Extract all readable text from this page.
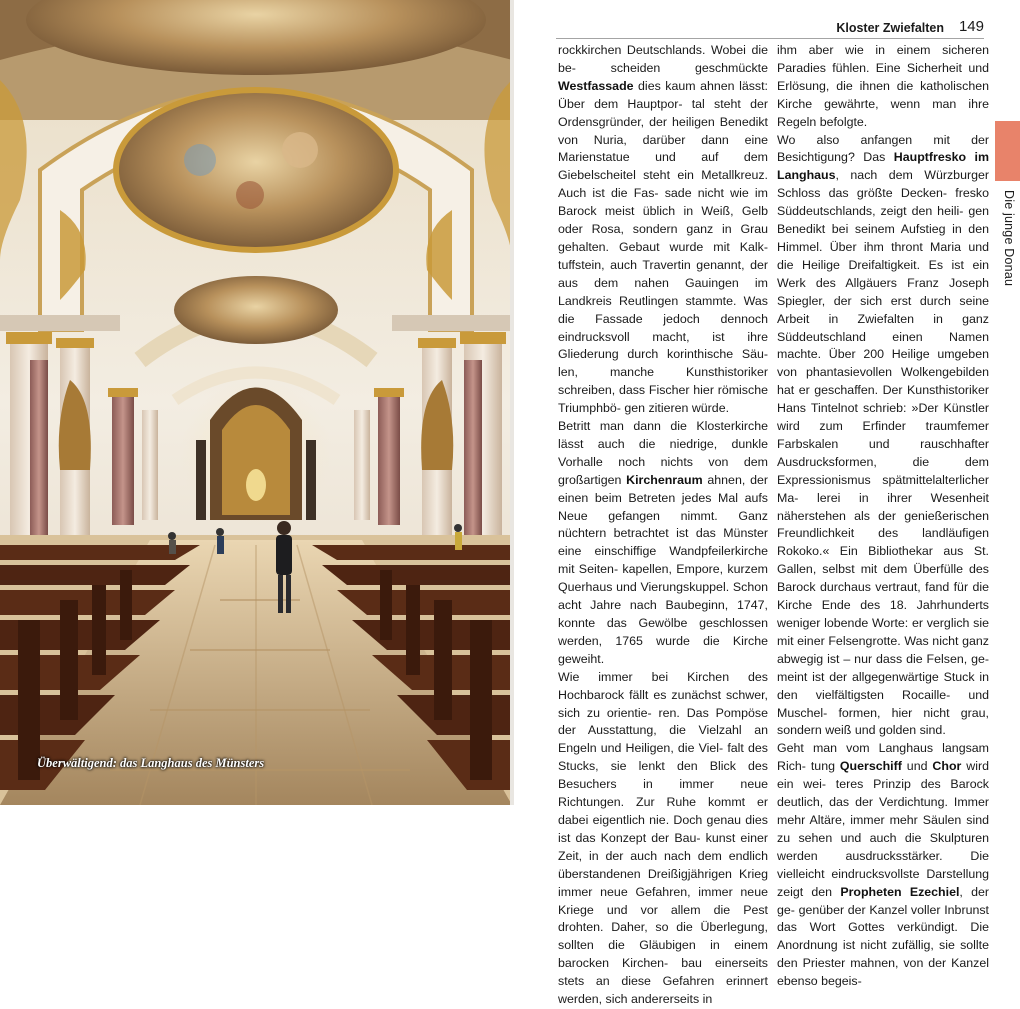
Überwältigend: das Langhaus des Münsters
Kloster Zwiefalten 149

rockkirchen Deutschlands. Wobei die be-	scheiden geschmückte Westfassade dies kaum ahnen lässt: Über dem Hauptpor- tal steht der Ordensgründer, der heiligen Benedikt von Nuria, darüber dann eine Marienstatue und auf dem Giebelscheitel steht ein Metallkreuz. Auch ist die Fas- sade nicht wie im Barock meist üblich in Weiß, Gelb oder Rosa, sondern ganz in Grau gehalten. Gebaut wurde mit Kalk- tuffstein, auch Travertin genannt, der aus dem nahen Gauingen im Landkreis Reutlingen stammte. Was die Fassade jedoch dennoch eindrucksvoll macht, ist ihre Gliederung durch korinthische Säu- len, manche Kunsthistoriker schreiben, dass Fischer hier römische Triumphbö- gen zitieren würde.

Betritt man dann die Klosterkirche lässt auch die niedrige, dunkle Vorhalle noch nichts von dem großartigen Kirchenraum ahnen, der einen beim Betreten jedes Mal aufs Neue gefangen nimmt. Ganz nüchtern betrachtet ist das Münster eine einschiffige Wandpfeilerkirche mit Seiten- kapellen, Empore, kurzem Querhaus und Vierungskuppel. Schon acht Jahre nach Baubeginn, 1747, konnte das Gewölbe geschlossen werden, 1765 wurde die Kirche geweiht.

Wie immer bei Kirchen des Hochbarock fällt es zunächst schwer, sich zu orientie- ren. Das Pompöse der Ausstattung, die Vielzahl an Engeln und Heiligen, die Viel- falt des Stucks, sie lenkt den Blick des Besuchers in immer neue Richtungen. Zur Ruhe kommt er dabei eigentlich nie. Doch genau dies ist das Konzept der Bau- kunst einer Zeit, in der auch nach dem endlich überstandenen Dreißigjährigen Krieg immer neue Gefahren, immer neue Kriege und vor allem die Pest drohten. Daher, so die Überlegung, sollten die Gläubigen in einem barocken Kirchen- bau einerseits stets an diese Gefahren erinnert werden, sich andererseits in

ihm aber wie in einem sicheren Paradies fühlen. Eine Sicherheit und Erlösung, die ihnen die katholischen Kirche gewährte, wenn man ihre Regeln befolgte.

Wo also anfangen mit der Besichtigung? Das Hauptfresko im Langhaus, nach dem Würzburger Schloss das größte Decken- fresko Süddeutschlands, zeigt den heili- gen Benedikt bei seinem Aufstieg in den Himmel. Über ihm thront Maria und die Heilige Dreifaltigkeit. Es ist ein Werk des Allgäuers Franz Joseph Spiegler, der sich erst durch seine Arbeit in Zwiefalten in ganz Süddeutschland einen Namen machte. Über 200 Heilige umgeben von phantasievollen Wolkengebilden hat er geschaffen. Der Kunsthistoriker Hans Tintelnot schrieb: »Der Künstler wird zum Erfinder traumfemer Farbskalen und rauschhafter Ausdrucksformen, die dem Expressionismus spätmittelalterlicher Ma- lerei in ihrer Wesenheit näherstehen als der genießerischen Freundlichkeit des landläufigen Rokoko.« Ein Bibliothekar aus St. Gallen, selbst mit dem Überfülle des Barock durchaus vertraut, fand für die Kirche Ende des 18. Jahrhunderts weniger lobende Worte: er verglich sie mit einer Felsengrotte. Was nicht ganz abwegig ist – nur dass die Felsen, ge- meint ist der allgegenwärtige Stuck in den vielfältigsten Rocaille- und Muschel- formen, hier nicht grau, sondern weiß und golden sind.

Geht man vom Langhaus langsam Rich- tung Querschiff und Chor wird ein wei- teres Prinzip des Barock deutlich, das der Verdichtung. Immer mehr Altäre, immer mehr Säulen sind zu sehen und auch die Skulpturen werden ausdrucksstärker. Die vielleicht eindrucksvollste Darstellung zeigt den Propheten Ezechiel, der ge- genüber der Kanzel voller Inbrunst das Wort Gottes verkündigt. Die Anordnung ist nicht zufällig, sie sollte den Priester mahnen, von der Kanzel ebenso begeis-

Die junge Donau
